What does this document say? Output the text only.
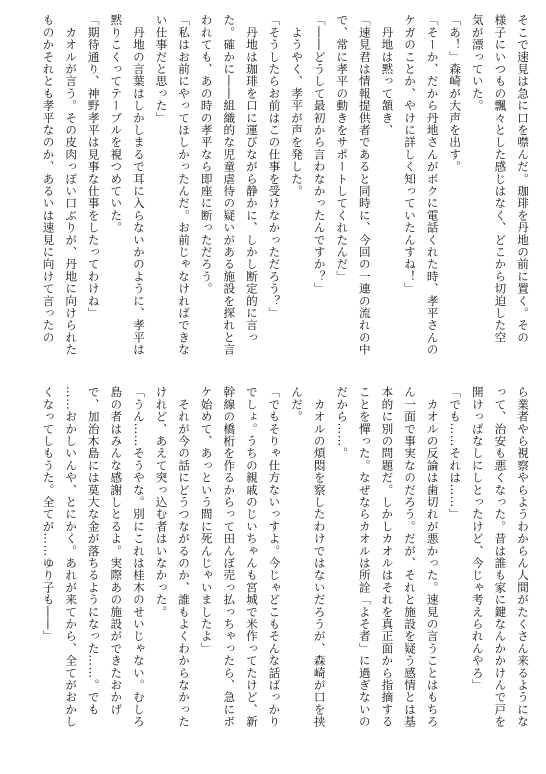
そこで速見は急に口を噤んだ。珈琲を丹地の前に置く。その
様子にいつもの飄々とした感じはなく、どこから切迫した空
気が漂っていた。
「あ！」森崎が大声を出す。
「そーか、だから丹地さんがボクに電話くれた時、孝平さんの
ケガのことか、やけに詳しく知っていたんすね！」
　丹地は黙って頷き、
「速見君は情報提供者であると同時に、今回の一連の流れの中
で、常に孝平の動きをサポートしてくれたんだ」
「――どうして最初から言わなかったんですか？」
　ようやく、孝平が声を発した。
「そうしたらお前はこの仕事を受けなかっただろう？」
　丹地は珈琲を口に運びながら静かに、しかし断定的に言っ
た。確かに――組織的な児童虐待の疑いがある施設を探れと言
われても、あの時の孝平なら即座に断っただろう。
「私はお前にやってほしかったんだ。お前じゃなければできな
い仕事だと思った」
　丹地の言葉はしかしまるで耳に入らないかのように、孝平は
黙りこくってテーブルを視つめていた。
「期待通り、神野孝平は見事な仕事をしたってわけね」
　カオルが言う。その皮肉っぽい口ぶりが、丹地に向けられた
ものかそれとも孝平なのか、あるいは速見に向けて言ったの
ら業者やら視察やらようわからん人間がたくさん来るようにな
って、治安も悪くなった。昔は誰も家に鍵なんかかけんで戸を
開けっぱなしにしとったけど、今じゃ考えられんやろ」
「でも……それは……」
　カオルの反論は歯切れが悪かった。速見の言うことはもちろ
ん一面で事実なのだろう。だが、それと施設を疑う感情とは基
本的に別の問題だ。しかしカオルはそれを真正面から指摘する
ことを憚った。なぜならカオルは所詮「よそ者」に過ぎないの
だから……。
　カオルの煩悶を察したわけではないだろうが、森崎が口を挟
んだ。
「でもそりゃ仕方ないっすよ。今じゃどこもそんな話ばっかり
でしょ。うちの親戚のじいちゃんも宮城で米作ってたけど、新
幹線の橋桁を作るからって田んぼ売っ払っちゃったら、急にボ
ケ始めて、あっという間に死んじゃいましたよ」
　それが今の話にどうつながるのか、誰もよくわからなかった
けれど、あえて突っ込む者はいなかった。
「うん……そうやな。別にこれは桂木のせいじゃない。むしろ
島の者はみんな感謝しとるよ。実際あの施設ができたおかげ
で、加治木島には莫大な金が落ちるようになった……。でも
……おかしいんや、とにかく。あれが来てから、全てがおかし
くなってしもうた。全てが……ゆり子も――」
